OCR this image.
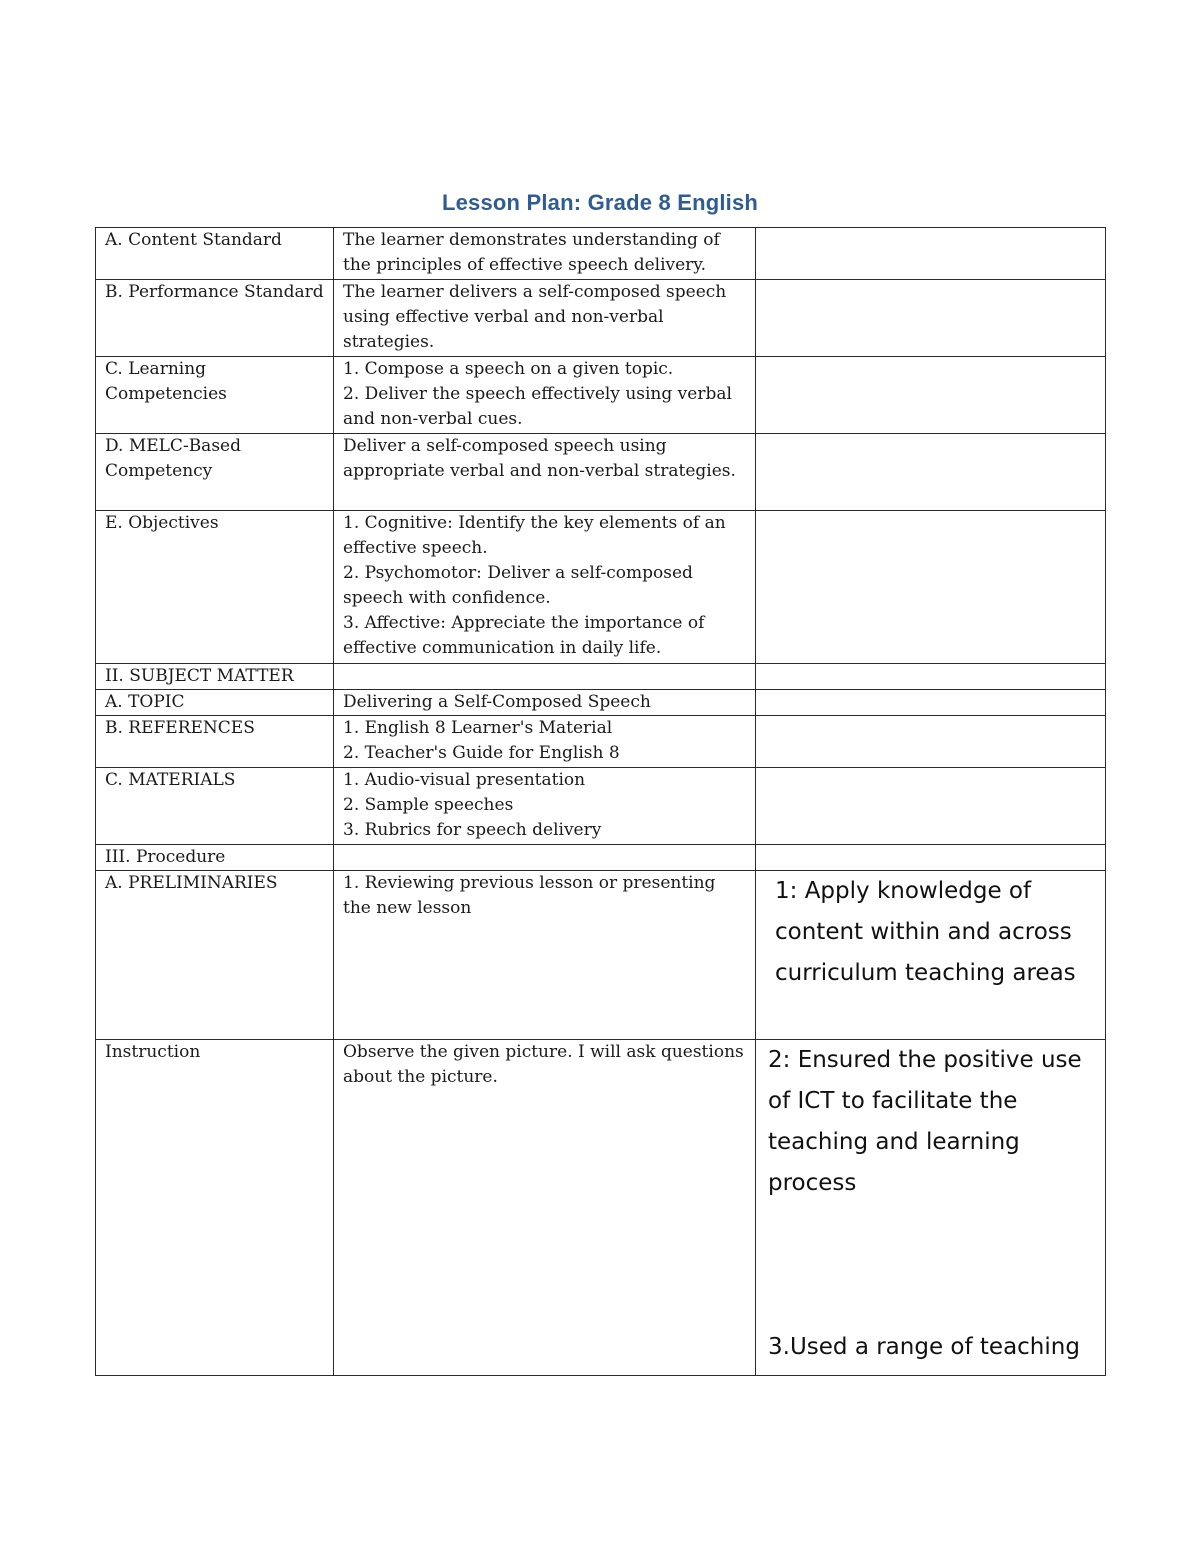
Lesson Plan: Grade 8 English
A. Content Standard	The learner demonstrates understanding of the principles of effective speech delivery.	

B. Performance Standard	The learner delivers a self-composed speech using effective verbal and non-verbal strategies.	

C. Learning Competencies	1. Compose a speech on a given topic.
2. Deliver the speech effectively using verbal and non-verbal cues.	

D. MELC-Based Competency	Deliver a self-composed speech using appropriate verbal and non-verbal strategies.	

E. Objectives	1. Cognitive: Identify the key elements of an effective speech.
2. Psychomotor: Deliver a self-composed speech with confidence.
3. Affective: Appreciate the importance of effective communication in daily life.	

II. SUBJECT MATTER		
A. TOPIC	Delivering a Self-Composed Speech	

B. REFERENCES	1. English 8 Learner's Material
2. Teacher's Guide for English 8	

C. MATERIALS	1. Audio-visual presentation
2. Sample speeches
3. Rubrics for speech delivery	

III. Procedure		
A. PRELIMINARIES	1. Reviewing previous lesson or presenting the new lesson	1: Apply knowledge of content within and across curriculum teaching areas

Instruction	Observe the given picture. I will ask questions about the picture.	2: Ensured the positive use of ICT to facilitate the teaching and learning process
3.Used a range of teaching
